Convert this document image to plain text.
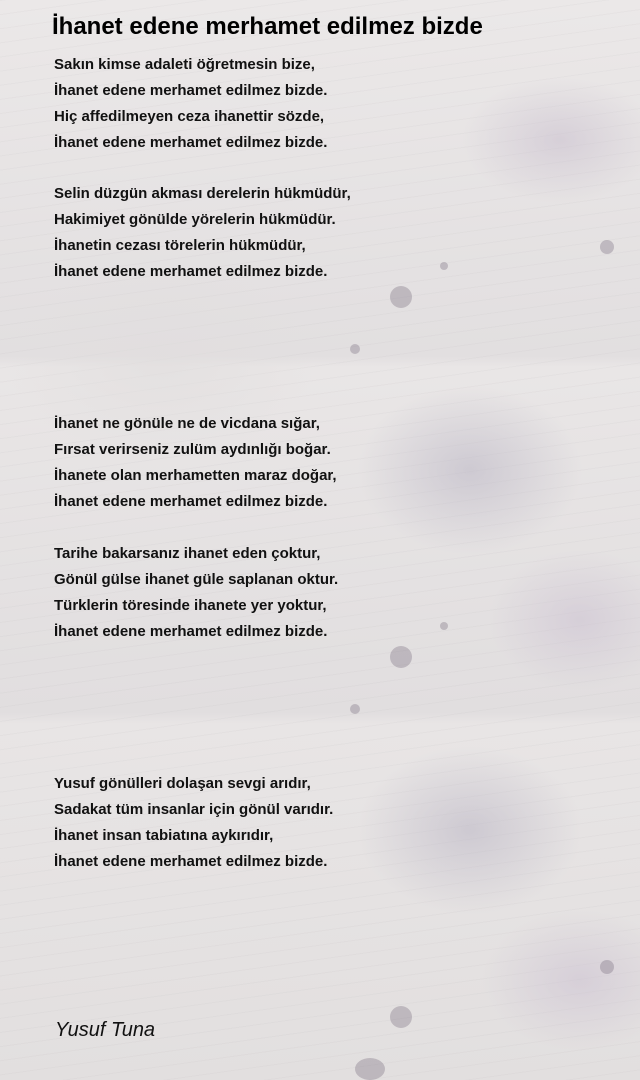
İhanet edene merhamet edilmez bizde
Sakın kimse adaleti öğretmesin bize,
İhanet edene merhamet edilmez bizde.
Hiç affedilmeyen ceza ihanettir sözde,
İhanet edene merhamet edilmez bizde.
Selin düzgün akması derelerin hükmüdür,
Hakimiyet gönülde yörelerin hükmüdür.
İhanetin cezası törelerin hükmüdür,
İhanet edene merhamet edilmez bizde.
İhanet ne gönüle ne de vicdana sığar,
Fırsat verirseniz zulüm aydınlığı boğar.
İhanete olan merhametten maraz doğar,
İhanet edene merhamet edilmez bizde.
Tarihe bakarsanız ihanet eden çoktur,
Gönül gülse ihanet güle saplanan oktur.
Türklerin töresinde ihanete yer yoktur,
İhanet edene merhamet edilmez bizde.
Yusuf gönülleri dolaşan sevgi arıdır,
Sadakat tüm insanlar için gönül varıdır.
İhanet insan tabiatına aykırıdır,
İhanet edene merhamet edilmez bizde.
Yusuf Tuna
